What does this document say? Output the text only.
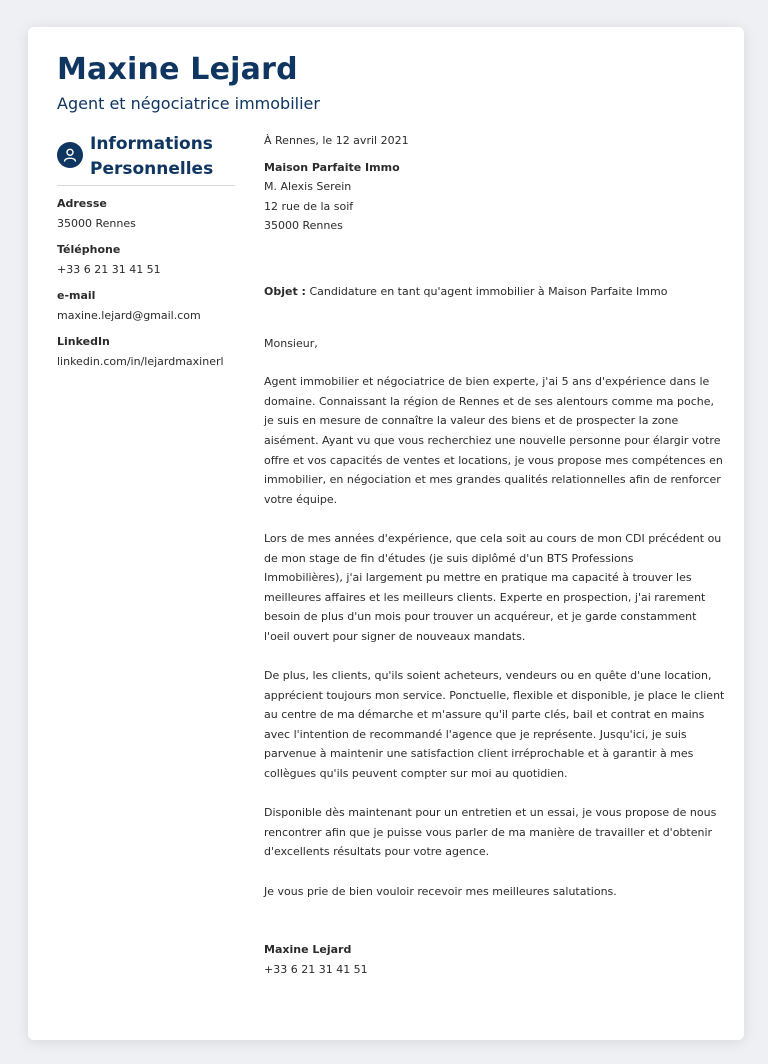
Maxine Lejard
Agent et négociatrice immobilier
Informations
Personnelles
Adresse
35000 Rennes
Téléphone
+33 6 21 31 41 51
e-mail
maxine.lejard@gmail.com
LinkedIn
linkedin.com/in/lejardmaxinerl
À Rennes, le 12 avril 2021
Maison Parfaite Immo
M. Alexis Serein
12 rue de la soif
35000 Rennes
Objet : Candidature en tant qu'agent immobilier à Maison Parfaite Immo
Monsieur,
Agent immobilier et négociatrice de bien experte, j'ai 5 ans d'expérience dans le
domaine. Connaissant la région de Rennes et de ses alentours comme ma poche,
je suis en mesure de connaître la valeur des biens et de prospecter la zone
aisément. Ayant vu que vous recherchiez une nouvelle personne pour élargir votre
offre et vos capacités de ventes et locations, je vous propose mes compétences en
immobilier, en négociation et mes grandes qualités relationnelles afin de renforcer
votre équipe.
Lors de mes années d'expérience, que cela soit au cours de mon CDI précédent ou
de mon stage de fin d'études (je suis diplômé d'un BTS Professions
Immobilières), j'ai largement pu mettre en pratique ma capacité à trouver les
meilleures affaires et les meilleurs clients. Experte en prospection, j'ai rarement
besoin de plus d'un mois pour trouver un acquéreur, et je garde constamment
l'oeil ouvert pour signer de nouveaux mandats.
De plus, les clients, qu'ils soient acheteurs, vendeurs ou en quête d'une location,
apprécient toujours mon service. Ponctuelle, flexible et disponible, je place le client
au centre de ma démarche et m'assure qu'il parte clés, bail et contrat en mains
avec l'intention de recommandé l'agence que je représente. Jusqu'ici, je suis
parvenue à maintenir une satisfaction client irréprochable et à garantir à mes
collègues qu'ils peuvent compter sur moi au quotidien.
Disponible dès maintenant pour un entretien et un essai, je vous propose de nous
rencontrer afin que je puisse vous parler de ma manière de travailler et d'obtenir
d'excellents résultats pour votre agence.
Je vous prie de bien vouloir recevoir mes meilleures salutations.
Maxine Lejard
+33 6 21 31 41 51
